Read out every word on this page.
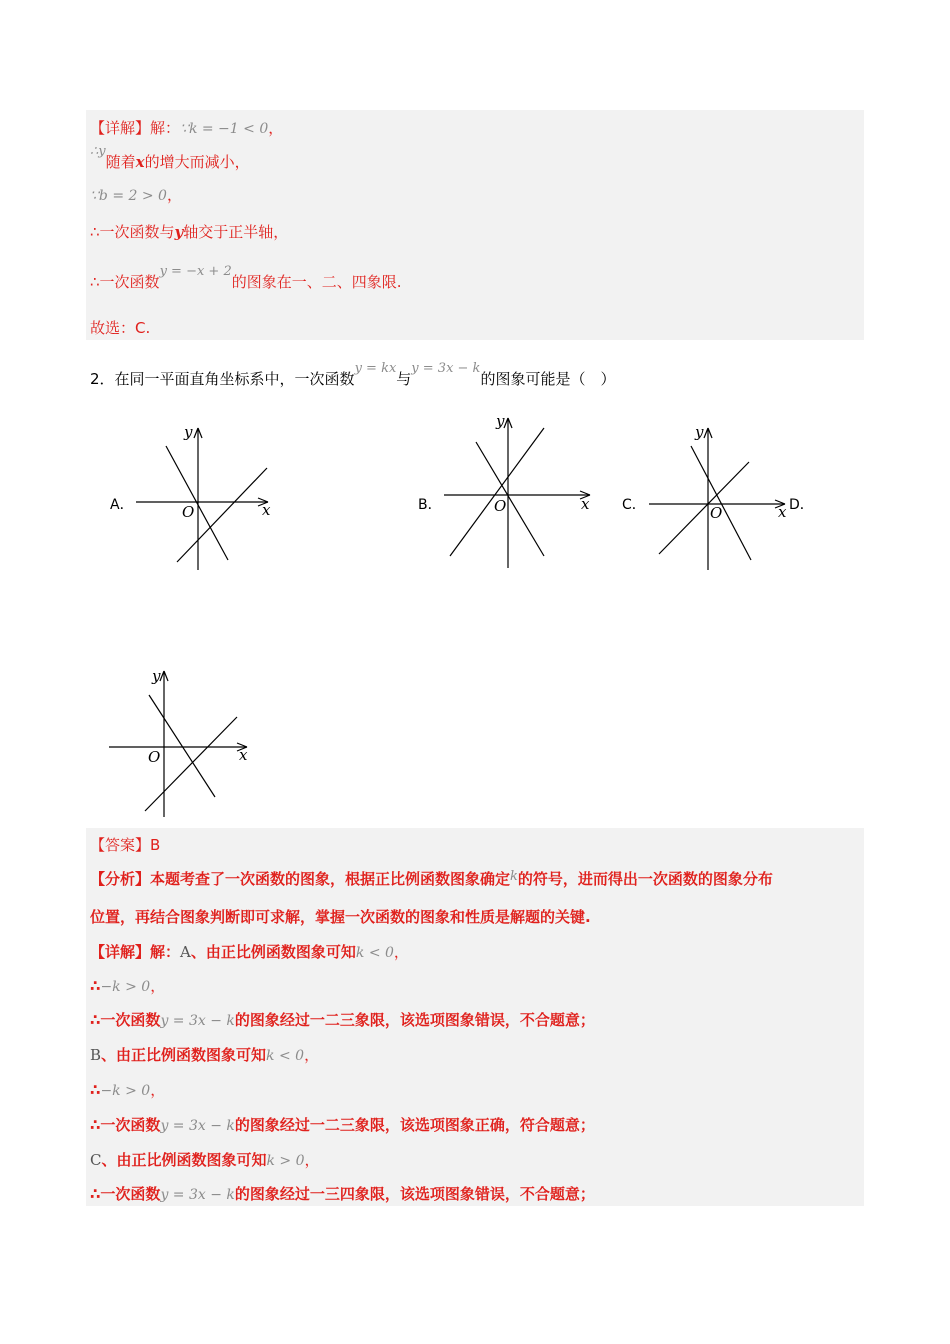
【详解】解：∵k = −1 < 0，
∴y随着x的增大而减小，
∵b = 2 > 0，
∴一次函数与y轴交于正半轴，
∴一次函数y = −x + 2的图象在一、二、四象限.
故选：C.
2．在同一平面直角坐标系中，一次函数y = kx与y = 3x − k的图象可能是（　）
A．	B．	C．	D．
x
y
O	x
y
O	x
y
O
x
y
O
【答案】B
【分析】本题考查了一次函数的图象，根据正比例函数图象确定k的符号，进而得出一次函数的图象分布
位置，再结合图象判断即可求解，掌握一次函数的图象和性质是解题的关键.
【详解】解：A、由正比例函数图象可知k < 0，
∴−k > 0，
∴一次函数y = 3x − k的图象经过一二三象限，该选项图象错误，不合题意；
B、由正比例函数图象可知k < 0，
∴−k > 0，
∴一次函数y = 3x − k的图象经过一二三象限，该选项图象正确，符合题意；
C、由正比例函数图象可知k > 0，
∴一次函数y = 3x − k的图象经过一三四象限，该选项图象错误，不合题意；
